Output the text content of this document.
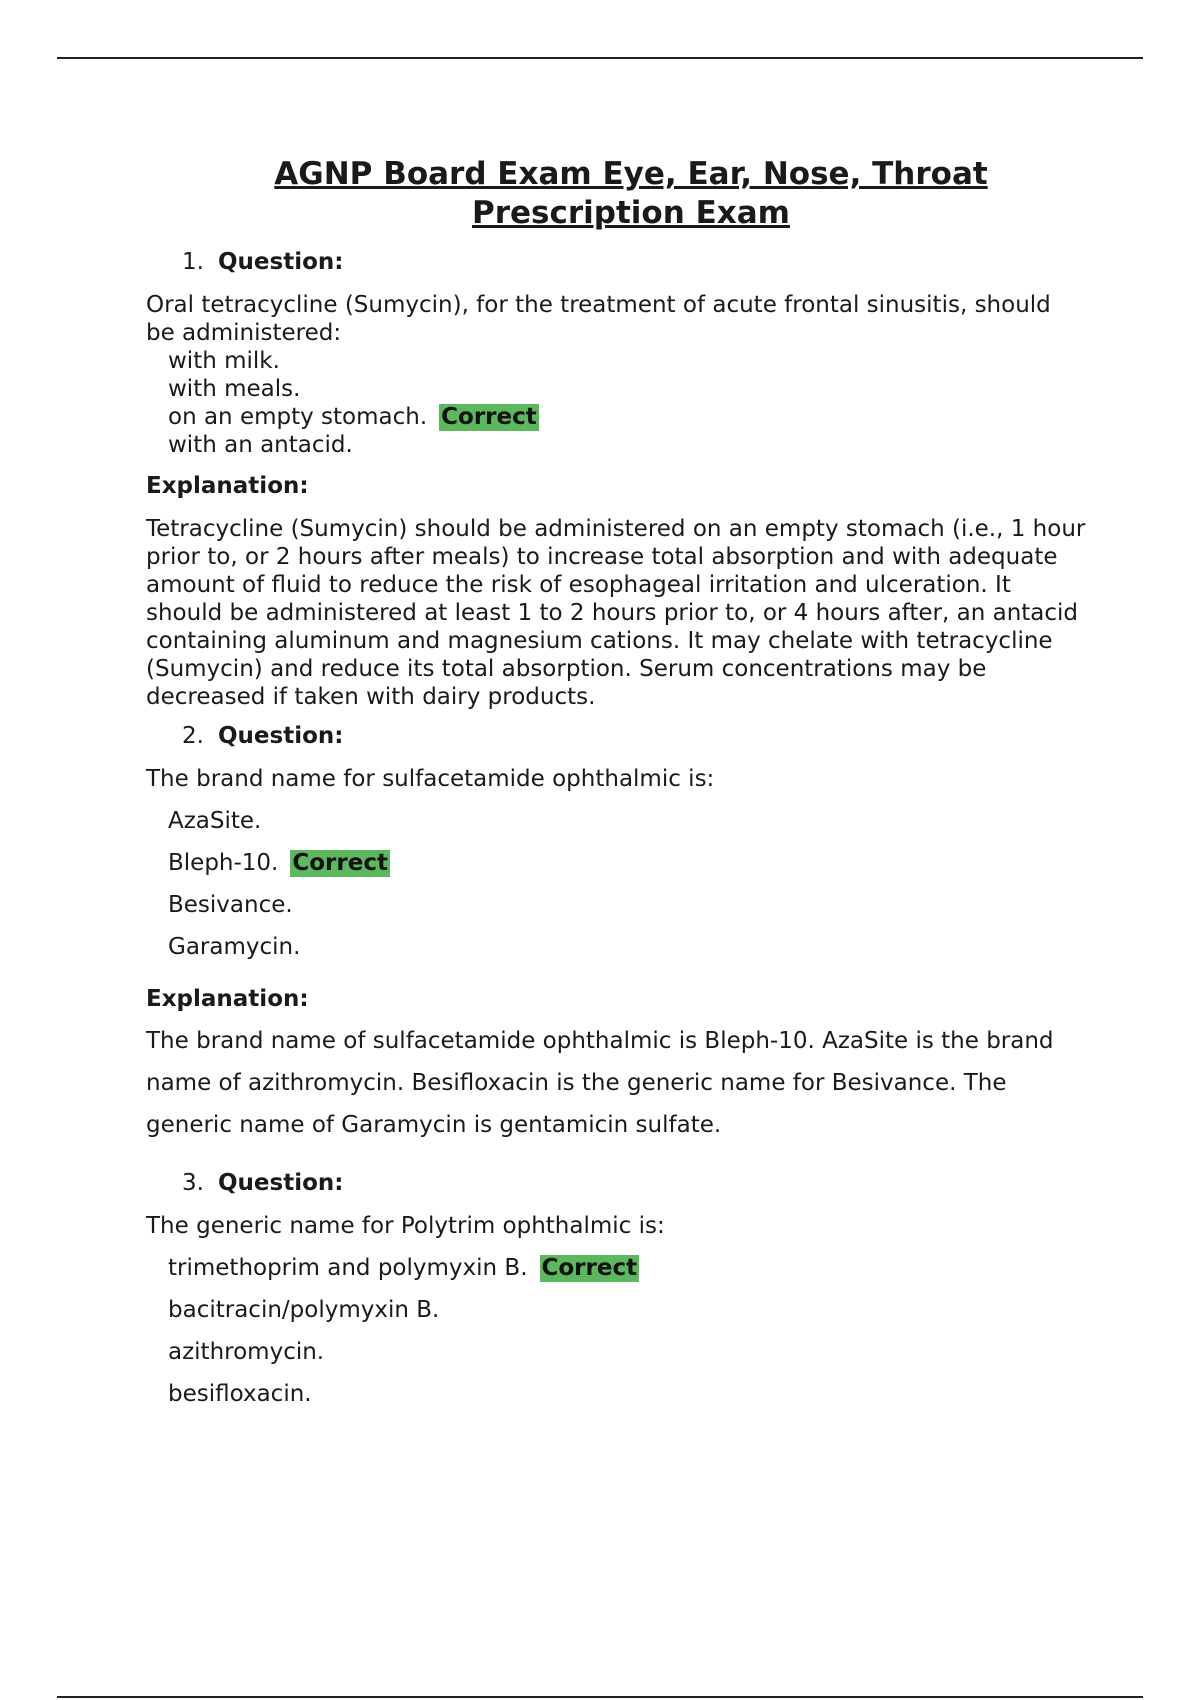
AGNP Board Exam Eye, Ear, Nose, Throat
Prescription Exam
1. Question:
Oral tetracycline (Sumycin), for the treatment of acute frontal sinusitis, should be administered:
with milk.
with meals.
on an empty stomach. Correct
with an antacid.
Explanation:
Tetracycline (Sumycin) should be administered on an empty stomach (i.e., 1 hour prior to, or 2 hours after meals) to increase total absorption and with adequate amount of fluid to reduce the risk of esophageal irritation and ulceration. It should be administered at least 1 to 2 hours prior to, or 4 hours after, an antacid containing aluminum and magnesium cations. It may chelate with tetracycline (Sumycin) and reduce its total absorption. Serum concentrations may be decreased if taken with dairy products.
2. Question:
The brand name for sulfacetamide ophthalmic is:
AzaSite.
Bleph-10. Correct
Besivance.
Garamycin.
Explanation:
The brand name of sulfacetamide ophthalmic is Bleph-10. AzaSite is the brand name of azithromycin. Besifloxacin is the generic name for Besivance. The generic name of Garamycin is gentamicin sulfate.
3. Question:
The generic name for Polytrim ophthalmic is:
trimethoprim and polymyxin B. Correct
bacitracin/polymyxin B.
azithromycin.
besifloxacin.
